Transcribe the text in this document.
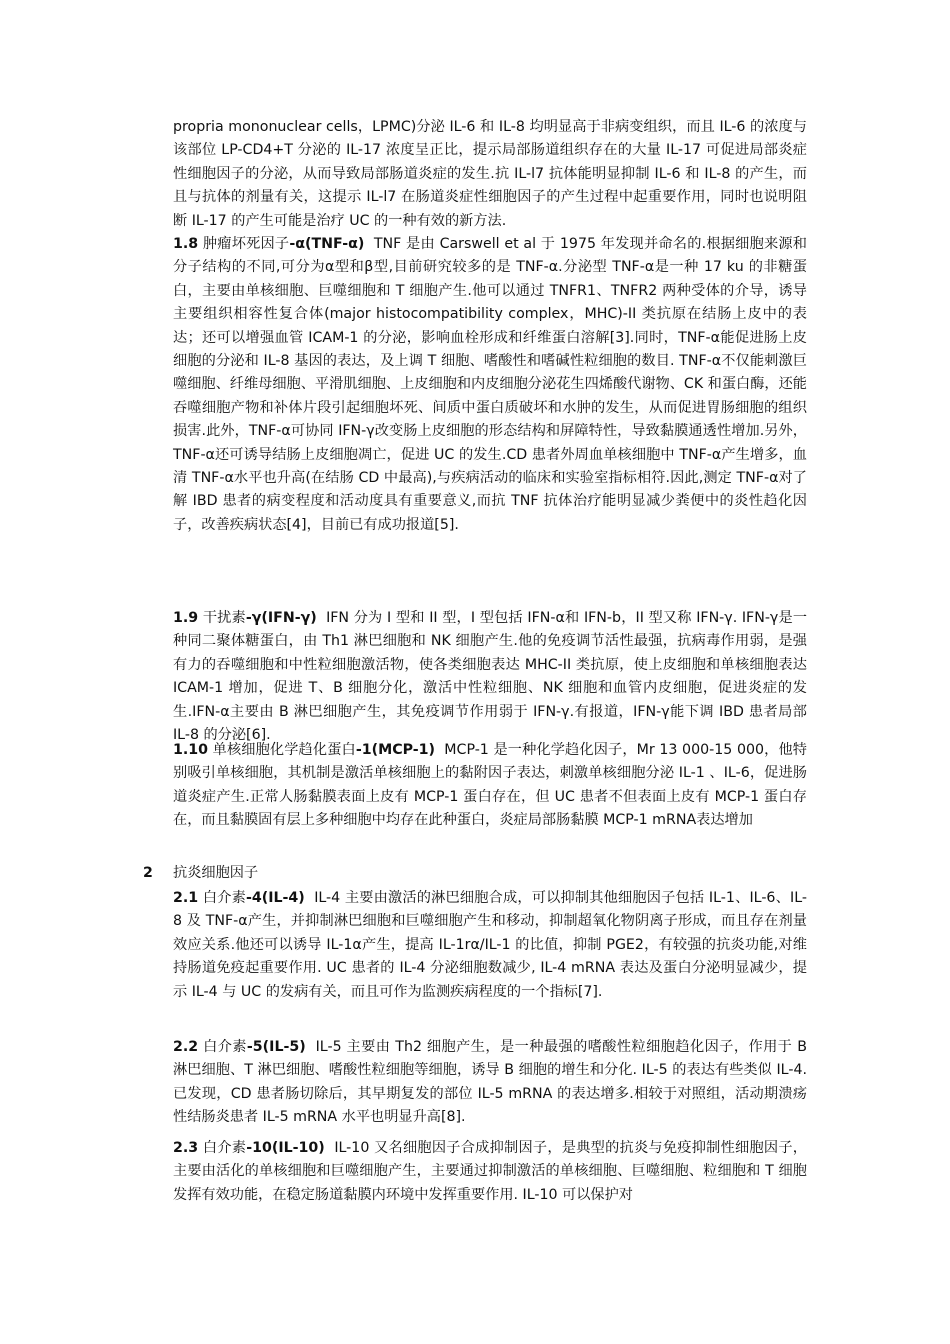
propria mononuclear cells，LPMC)分泌 IL-6 和 IL-8 均明显高于非病变组织，而且 IL-6 的浓度与该部位 LP-CD4+T 分泌的 IL-17 浓度呈正比，提示局部肠道组织存在的大量 IL-17 可促进局部炎症性细胞因子的分泌，从而导致局部肠道炎症的发生.抗 IL-l7 抗体能明显抑制 IL-6 和 IL-8 的产生，而且与抗体的剂量有关，这提示 IL-l7 在肠道炎症性细胞因子的产生过程中起重要作用，同时也说明阻断 IL-17 的产生可能是治疗 UC 的一种有效的新方法.

1.8 肿瘤坏死因子-α(TNF-α) TNF 是由 Carswell et al 于 1975 年发现并命名的.根据细胞来源和分子结构的不同,可分为α型和β型,目前研究较多的是 TNF-α.分泌型 TNF-α是一种 17 ku 的非糖蛋白，主要由单核细胞、巨噬细胞和 T 细胞产生.他可以通过 TNFR1、TNFR2 两种受体的介导，诱导主要组织相容性复合体(major histocompatibility complex，MHC)-II 类抗原在结肠上皮中的表达；还可以增强血管 ICAM-1 的分泌，影响血栓形成和纤维蛋白溶解[3].同时，TNF-α能促进肠上皮细胞的分泌和 IL-8 基因的表达，及上调 T 细胞、嗜酸性和嗜碱性粒细胞的数目. TNF-α不仅能刺激巨噬细胞、纤维母细胞、平滑肌细胞、上皮细胞和内皮细胞分泌花生四烯酸代谢物、CK 和蛋白酶，还能吞噬细胞产物和补体片段引起细胞坏死、间质中蛋白质破坏和水肿的发生，从而促进胃肠细胞的组织损害.此外，TNF-α可协同 IFN-γ改变肠上皮细胞的形态结构和屏障特性，导致黏膜通透性增加.另外，TNF-α还可诱导结肠上皮细胞凋亡，促进 UC 的发生.CD 患者外周血单核细胞中 TNF-α产生增多，血清 TNF-α水平也升高(在结肠 CD 中最高),与疾病活动的临床和实验室指标相符.因此,测定 TNF-α对了解 IBD 患者的病变程度和活动度具有重要意义,而抗 TNF 抗体治疗能明显减少粪便中的炎性趋化因子，改善疾病状态[4]，目前已有成功报道[5].

1.9 干扰素-γ(IFN-γ) IFN 分为 I 型和 II 型，I 型包括 IFN-α和 IFN-b，II 型又称 IFN-γ. IFN-γ是一种同二聚体糖蛋白，由 Th1 淋巴细胞和 NK 细胞产生.他的免疫调节活性最强，抗病毒作用弱，是强有力的吞噬细胞和中性粒细胞激活物，使各类细胞表达 MHC-II 类抗原，使上皮细胞和单核细胞表达 ICAM-1 增加，促进 T、B 细胞分化，激活中性粒细胞、NK 细胞和血管内皮细胞，促进炎症的发生.IFN-α主要由 B 淋巴细胞产生，其免疫调节作用弱于 IFN-γ.有报道，IFN-γ能下调 IBD 患者局部 IL-8 的分泌[6].

1.10 单核细胞化学趋化蛋白-1(MCP-1) MCP-1 是一种化学趋化因子，Mr 13 000-15 000，他特别吸引单核细胞，其机制是激活单核细胞上的黏附因子表达，刺激单核细胞分泌 IL-1 、IL-6，促进肠道炎症产生.正常人肠黏膜表面上皮有 MCP-1 蛋白存在，但 UC 患者不但表面上皮有 MCP-1 蛋白存在，而且黏膜固有层上多种细胞中均存在此种蛋白，炎症局部肠黏膜 MCP-1 mRNA表达增加

2 抗炎细胞因子

2.1 白介素-4(IL-4) IL-4 主要由激活的淋巴细胞合成，可以抑制其他细胞因子包括 IL-1、IL-6、IL-8 及 TNF-α产生，并抑制淋巴细胞和巨噬细胞产生和移动，抑制超氧化物阴离子形成，而且存在剂量效应关系.他还可以诱导 IL-1α产生，提高 IL-1rα/IL-1 的比值，抑制 PGE2，有较强的抗炎功能,对维持肠道免疫起重要作用. UC 患者的 IL-4 分泌细胞数减少, IL-4 mRNA 表达及蛋白分泌明显减少，提示 IL-4 与 UC 的发病有关，而且可作为监测疾病程度的一个指标[7].

2.2 白介素-5(IL-5) IL-5 主要由 Th2 细胞产生，是一种最强的嗜酸性粒细胞趋化因子，作用于 B 淋巴细胞、T 淋巴细胞、嗜酸性粒细胞等细胞，诱导 B 细胞的增生和分化. IL-5 的表达有些类似 IL-4.已发现，CD 患者肠切除后，其早期复发的部位 IL-5 mRNA 的表达增多.相较于对照组，活动期溃疡性结肠炎患者 IL-5 mRNA 水平也明显升高[8].

2.3 白介素-10(IL-10) IL-10 又名细胞因子合成抑制因子，是典型的抗炎与免疫抑制性细胞因子，主要由活化的单核细胞和巨噬细胞产生，主要通过抑制激活的单核细胞、巨噬细胞、粒细胞和 T 细胞发挥有效功能，在稳定肠道黏膜内环境中发挥重要作用. IL-10 可以保护对
